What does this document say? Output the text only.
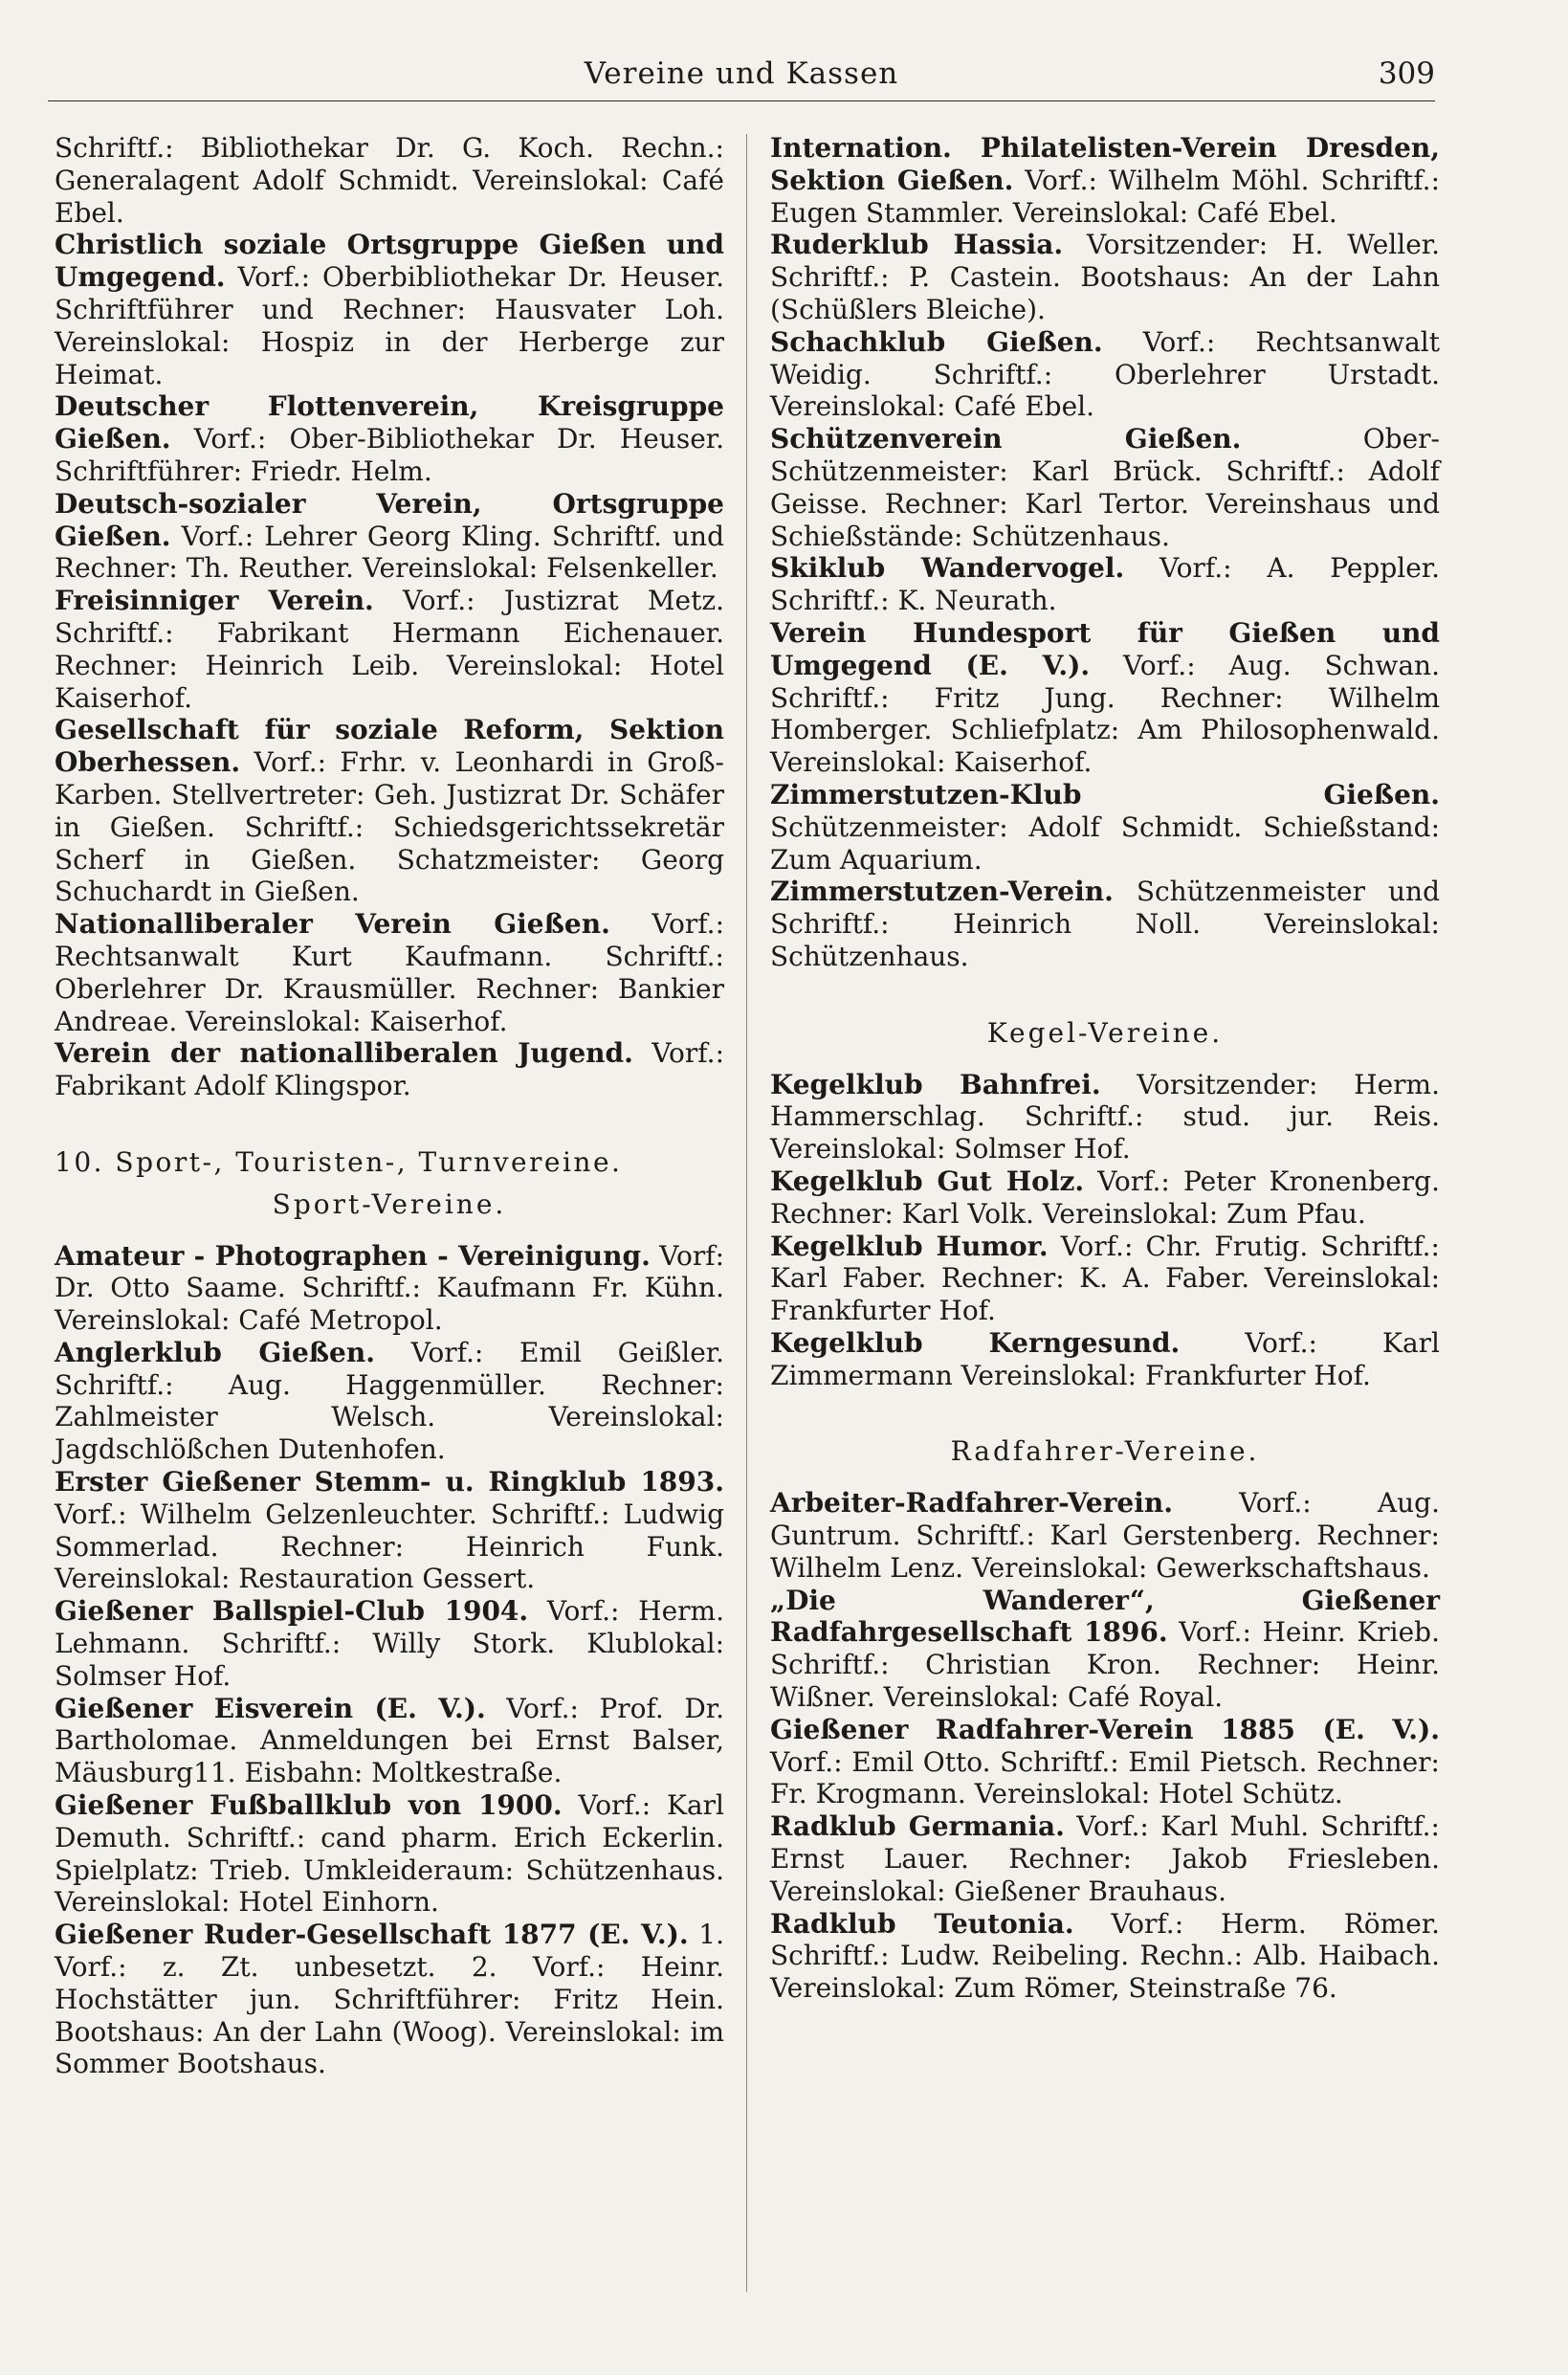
Vereine und Kassen	309

Schriftf.: Bibliothekar Dr. G. Koch. Rechn.: Generalagent Adolf Schmidt. Vereinslokal: Café Ebel.

Christlich soziale Ortsgruppe Gießen und Umgegend. Vorf.: Oberbibliothekar Dr. Heuser. Schriftführer und Rechner: Hausvater Loh. Vereinslokal: Hospiz in der Herberge zur Heimat.

Deutscher Flottenverein, Kreisgruppe Gießen. Vorf.: Ober-Bibliothekar Dr. Heuser. Schriftführer: Friedr. Helm.

Deutsch-sozialer Verein, Ortsgruppe Gießen. Vorf.: Lehrer Georg Kling. Schriftf. und Rechner: Th. Reuther. Vereinslokal: Felsenkeller.

Freisinniger Verein. Vorf.: Justizrat Metz. Schriftf.: Fabrikant Hermann Eichenauer. Rechner: Heinrich Leib. Vereinslokal: Hotel Kaiserhof.

Gesellschaft für soziale Reform, Sektion Oberhessen. Vorf.: Frhr. v. Leonhardi in Groß-Karben. Stellvertreter: Geh. Justizrat Dr. Schäfer in Gießen. Schriftf.: Schiedsgerichtssekretär Scherf in Gießen. Schatzmeister: Georg Schuchardt in Gießen.

Nationalliberaler Verein Gießen. Vorf.: Rechtsanwalt Kurt Kaufmann. Schriftf.: Oberlehrer Dr. Krausmüller. Rechner: Bankier Andreae. Vereinslokal: Kaiserhof.

Verein der nationalliberalen Jugend. Vorf.: Fabrikant Adolf Klingspor.

10. Sport-, Touristen-, Turnvereine.
Sport-Vereine.

Amateur - Photographen - Vereinigung. Vorf: Dr. Otto Saame. Schriftf.: Kaufmann Fr. Kühn. Vereinslokal: Café Metropol.

Anglerklub Gießen. Vorf.: Emil Geißler. Schriftf.: Aug. Haggenmüller. Rechner: Zahlmeister Welsch. Vereinslokal: Jagdschlößchen Dutenhofen.

Erster Gießener Stemm- u. Ringklub 1893. Vorf.: Wilhelm Gelzenleuchter. Schriftf.: Ludwig Sommerlad. Rechner: Heinrich Funk. Vereinslokal: Restauration Gessert.

Gießener Ballspiel-Club 1904. Vorf.: Herm. Lehmann. Schriftf.: Willy Stork. Klublokal: Solmser Hof.

Gießener Eisverein (E. V.). Vorf.: Prof. Dr. Bartholomae. Anmeldungen bei Ernst Balser, Mäusburg11. Eisbahn: Moltkestraße.

Gießener Fußballklub von 1900. Vorf.: Karl Demuth. Schriftf.: cand pharm. Erich Eckerlin. Spielplatz: Trieb. Umkleideraum: Schützenhaus. Vereinslokal: Hotel Einhorn.

Gießener Ruder-Gesellschaft 1877 (E. V.). 1. Vorf.: z. Zt. unbesetzt. 2. Vorf.: Heinr. Hochstätter jun. Schriftführer: Fritz Hein. Bootshaus: An der Lahn (Woog). Vereinslokal: im Sommer Bootshaus.

Internation. Philatelisten-Verein Dresden, Sektion Gießen. Vorf.: Wilhelm Möhl. Schriftf.: Eugen Stammler. Vereinslokal: Café Ebel.

Ruderklub Hassia. Vorsitzender: H. Weller. Schriftf.: P. Castein. Bootshaus: An der Lahn (Schüßlers Bleiche).

Schachklub Gießen. Vorf.: Rechtsanwalt Weidig. Schriftf.: Oberlehrer Urstadt. Vereinslokal: Café Ebel.

Schützenverein Gießen. Ober-Schützenmeister: Karl Brück. Schriftf.: Adolf Geisse. Rechner: Karl Tertor. Vereinshaus und Schießstände: Schützenhaus.

Skiklub Wandervogel. Vorf.: A. Peppler. Schriftf.: K. Neurath.

Verein Hundesport für Gießen und Umgegend (E. V.). Vorf.: Aug. Schwan. Schriftf.: Fritz Jung. Rechner: Wilhelm Homberger. Schliefplatz: Am Philosophenwald. Vereinslokal: Kaiserhof.

Zimmerstutzen-Klub Gießen. Schützenmeister: Adolf Schmidt. Schießstand: Zum Aquarium.

Zimmerstutzen-Verein. Schützenmeister und Schriftf.: Heinrich Noll. Vereinslokal: Schützenhaus.

Kegel-Vereine.

Kegelklub Bahnfrei. Vorsitzender: Herm. Hammerschlag. Schriftf.: stud. jur. Reis. Vereinslokal: Solmser Hof.

Kegelklub Gut Holz. Vorf.: Peter Kronenberg. Rechner: Karl Volk. Vereinslokal: Zum Pfau.

Kegelklub Humor. Vorf.: Chr. Frutig. Schriftf.: Karl Faber. Rechner: K. A. Faber. Vereinslokal: Frankfurter Hof.

Kegelklub Kerngesund. Vorf.: Karl Zimmermann Vereinslokal: Frankfurter Hof.

Radfahrer-Vereine.

Arbeiter-Radfahrer-Verein. Vorf.: Aug. Guntrum. Schriftf.: Karl Gerstenberg. Rechner: Wilhelm Lenz. Vereinslokal: Gewerkschaftshaus.

„Die Wanderer“, Gießener Radfahrgesellschaft 1896. Vorf.: Heinr. Krieb. Schriftf.: Christian Kron. Rechner: Heinr. Wißner. Vereinslokal: Café Royal.

Gießener Radfahrer-Verein 1885 (E. V.). Vorf.: Emil Otto. Schriftf.: Emil Pietsch. Rechner: Fr. Krogmann. Vereinslokal: Hotel Schütz.

Radklub Germania. Vorf.: Karl Muhl. Schriftf.: Ernst Lauer. Rechner: Jakob Friesleben. Vereinslokal: Gießener Brauhaus.

Radklub Teutonia. Vorf.: Herm. Römer. Schriftf.: Ludw. Reibeling. Rechn.: Alb. Haibach. Vereinslokal: Zum Römer, Steinstraße 76.
